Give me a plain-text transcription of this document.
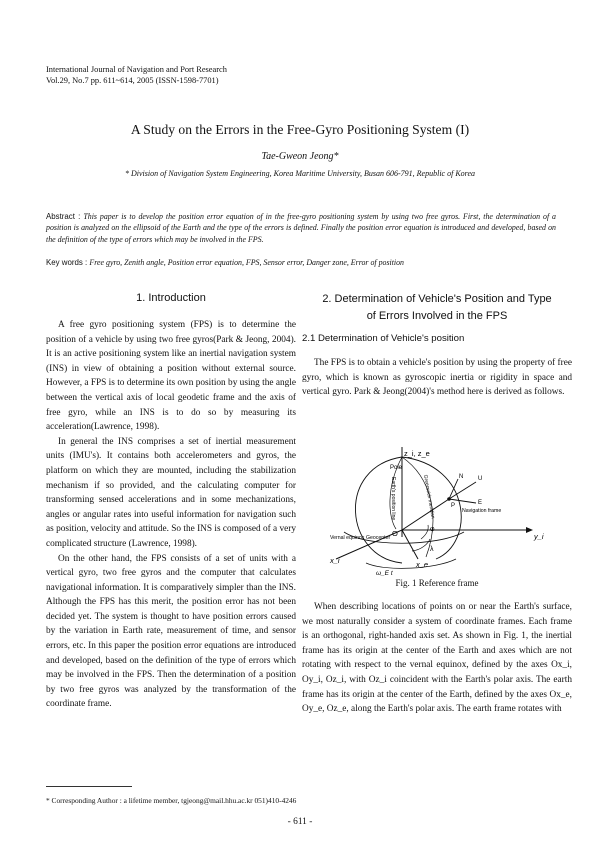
International Journal of Navigation and Port Research
Vol.29, No.7 pp. 611~614, 2005 (ISSN-1598-7701)
A Study on the Errors in the Free-Gyro Positioning System (I)
Tae-Gweon Jeong*
* Division of Navigation System Engineering, Korea Maritime University, Busan 606-791, Republic of Korea
Abstract : This paper is to develop the position error equation of in the free-gyro positioning system by using two free gyros. First, the determination of a position is analyzed on the ellipsoid of the Earth and the type of the errors is defined. Finally the position error equation is introduced and developed, based on the definition of the type of errors which may be involved in the FPS.
Key words : Free gyro, Zenith angle, Position error equation, FPS, Sensor error, Danger zone, Error of position
1. Introduction

A free gyro positioning system (FPS) is to determine the position of a vehicle by using two free gyros(Park & Jeong, 2004). It is an active positioning system like an inertial navigation system (INS) in view of obtaining a position without external source. However, a FPS is to determine its own position by using the angle between the vertical axis of local geodetic frame and the axis of free gyro, while an INS is to do so by measuring its acceleration(Lawrence, 1998).

In general the INS comprises a set of inertial measurement units (IMU's). It contains both accelerometers and gyros, the platform on which they are mounted, including the stabilization mechanism if so provided, and the calculating computer for transforming sensed accelerations and in some mechanizations, angles or angular rates into useful information for navigation such as position, velocity and attitude. So the INS is composed of a very complicated structure (Lawrence, 1998).

On the other hand, the FPS consists of a set of units with a vertical gyro, two free gyros and the computer that calculates navigational information. It is comparatively simpler than the INS. Although the FPS has this merit, the position error has not been decided yet. The system is thought to have position errors caused by the variation in Earth rate, measurement of time, and sensor errors, etc. In this paper the position error equations are introduced and developed, based on the definition of the type of errors which may be involved in the FPS. Then the determination of a position by two free gyros was analyzed by the transformation of the coordinate frame.

2. Determination of Vehicle's Position and Type
of Errors Involved in the FPS
2.1 Determination of Vehicle's position

The FPS is to obtain a vehicle's position by using the property of free gyro, which is known as gyroscopic inertia or rigidity in space and vertical gyro. Park & Jeong(2004)'s method here is derived as follows.

z_i, z_e
Pole
N U
E
P
Navigation frame
y_i
Vernal equinox Geocenter O	φ
λ
x_i	x_e
ω_E t
Greenwich meridian
Earth's position line
Fig. 1 Reference frame

When describing locations of points on or near the Earth's surface, we most naturally consider a system of coordinate frames. Each frame is an orthogonal, right-handed axis set. As shown in Fig. 1, the inertial frame has its origin at the center of the Earth and axes which are not rotating with respect to the vernal equinox, defined by the axes Ox_i, Oy_i, Oz_i, with Oz_i coincident with the Earth's polar axis. The earth frame has its origin at the center of the Earth, defined by the axes Ox_e, Oy_e, Oz_e, along the Earth's polar axis. The earth frame rotates with

* Corresponding Author : a lifetime member, tgjeong@mail.hhu.ac.kr 051)410-4246
- 611 -
